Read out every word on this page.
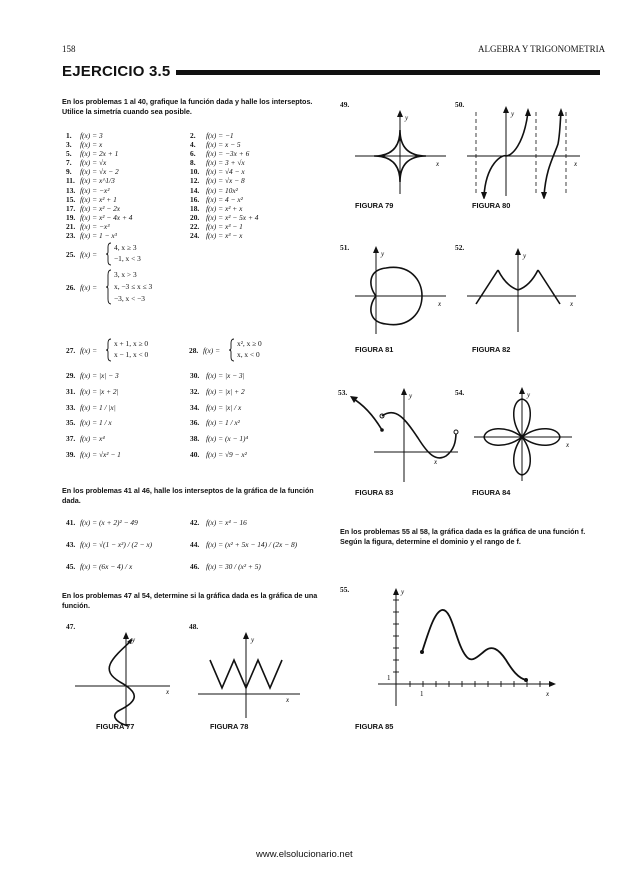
158	ALGEBRA Y TRIGONOMETRIA
EJERCICIO 3.5
En los problemas 1 al 40, grafique la función dada y halle los interseptos. Utilice la simetría cuando sea posible.
1. f(x) = 3	2. f(x) = −1
3. f(x) = x	4. f(x) = x − 5
5. f(x) = 2x + 1	6. f(x) = −3x + 6
7. f(x) = √x	8. f(x) = 3 + √x
9. f(x) = √x − 2	10. f(x) = √4 − x
11. f(x) = x^1/3	12. f(x) = √x − 8
13. f(x) = −x²	14. f(x) = 10x²
15. f(x) = x² + 1	16. f(x) = 4 − x²
17. f(x) = x² − 2x	18. f(x) = x² + x
19. f(x) = x² − 4x + 4	20. f(x) = x² − 5x + 4
21. f(x) = −x³	22. f(x) = x³ − 1
23. f(x) = 1 − x³	24. f(x) = x³ − x
25. f(x) =
4, x ≥ 3
−1, x < 3
26. f(x) =
3, x > 3
x, −3 ≤ x ≤ 3
−3, x < −3
27. f(x) =
x + 1, x ≥ 0
x − 1, x < 0	28. f(x) =
x², x ≥ 0
x, x < 0
29. f(x) = |x| − 3	30. f(x) = |x − 3|
31. f(x) = |x + 2|	32. f(x) = |x| + 2
33. f(x) = 1 / |x|	34. f(x) = |x| / x
35. f(x) = 1 / x	36. f(x) = 1 / x²
37. f(x) = x⁴	38. f(x) = (x − 1)⁴
39. f(x) = √x² − 1	40. f(x) = √9 − x²
En los problemas 41 al 46, halle los interseptos de la gráfica de la función dada.
41. f(x) = (x + 2)² − 49	42. f(x) = x⁴ − 16
43. f(x) = √(1 − x²) / (2 − x)	44. f(x) = (x² + 5x − 14) / (2x − 8)
45. f(x) = (6x − 4) / x	46. f(x) = 30 / (x² + 5)
En los problemas 47 al 54, determine si la gráfica dada es la gráfica de una función.
47.
y
x
FIGURA 77
48.
y
x
FIGURA 78
49.
y
x
FIGURA 79
50.
y
x
FIGURA 80
51.
y
x
FIGURA 81
52.
y
x
FIGURA 82
53.	y
x
FIGURA 83
54.	y
x
FIGURA 84
En los problemas 55 al 58, la gráfica dada es la gráfica de una función f. Según la figura, determine el dominio y el rango de f.
55.	y
x
1
1
FIGURA 85
www.elsolucionario.net
